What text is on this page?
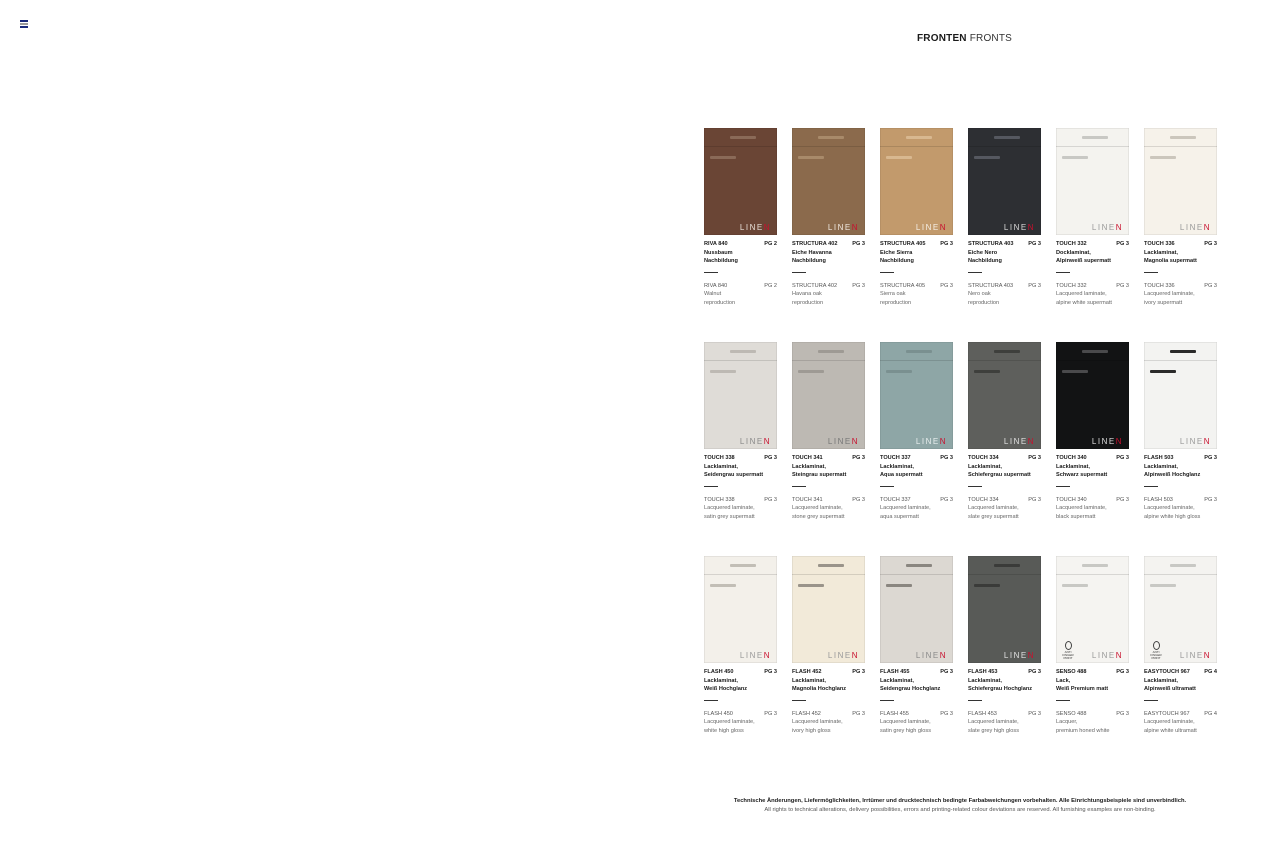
FRONTEN FRONTS
LINEN
RIVA 840	PG 2
Nussbaum
Nachbildung
RIVA 840	PG 2
Walnut
reproduction
LINEN
STRUCTURA 402	PG 3
Eiche Havanna
Nachbildung
STRUCTURA 402	PG 3
Havana oak
reproduction
LINEN
STRUCTURA 405	PG 3
Eiche Sierra
Nachbildung
STRUCTURA 405	PG 3
Sierra oak
reproduction
LINEN
STRUCTURA 403	PG 3
Eiche Nero
Nachbildung
STRUCTURA 403	PG 3
Nero oak
reproduction
LINEN
TOUCH 332	PG 3
Docklaminat,
Alpinweiß supermatt
TOUCH 332	PG 3
Lacquered laminate,
alpine white supermatt
LINEN
TOUCH 336	PG 3
Lacklaminat,
Magnolia supermatt
TOUCH 336	PG 3
Lacquered laminate,
ivory supermatt
LINEN
TOUCH 338	PG 3
Lacklaminat,
Seidengrau supermatt
TOUCH 338	PG 3
Lacquered laminate,
satin grey supermatt
LINEN
TOUCH 341	PG 3
Lacklaminat,
Steingrau supermatt
TOUCH 341	PG 3
Lacquered laminate,
stone grey supermatt
LINEN
TOUCH 337	PG 3
Lacklaminat,
Aqua supermatt
TOUCH 337	PG 3
Lacquered laminate,
aqua supermatt
LINEN
TOUCH 334	PG 3
Lacklaminat,
Schiefergrau supermatt
TOUCH 334	PG 3
Lacquered laminate,
slate grey supermatt
LINEN
TOUCH 340	PG 3
Lacklaminat,
Schwarz supermatt
TOUCH 340	PG 3
Lacquered laminate,
black supermatt
LINEN
FLASH 503	PG 3
Lacklaminat,
Alpinweiß Hochglanz
FLASH 503	PG 3
Lacquered laminate,
alpine white high gloss
LINEN
FLASH 450	PG 3
Lacklaminat,
Weiß Hochglanz
FLASH 450	PG 3
Lacquered laminate,
white high gloss
LINEN
FLASH 452	PG 3
Lacklaminat,
Magnolia Hochglanz
FLASH 452	PG 3
Lacquered laminate,
ivory high gloss
LINEN
FLASH 455	PG 3
Lacklaminat,
Seidengrau Hochglanz
FLASH 455	PG 3
Lacquered laminate,
satin grey high gloss
LINEN
FLASH 453	PG 3
Lacklaminat,
Schiefergrau Hochglanz
FLASH 453	PG 3
Lacquered laminate,
slate grey high gloss
ANTI FINGER PRINT	LINEN
SENSO 488	PG 3
Lack,
Weiß Premium matt
SENSO 488	PG 3
Lacquer,
premium honed white
ANTI FINGER PRINT	LINEN
EASYTOUCH 967	PG 4
Lacklaminat,
Alpinweiß ultramatt
EASYTOUCH 967	PG 4
Lacquered laminate,
alpine white ultramatt
Technische Änderungen, Liefermöglichkeiten, Irrtümer und drucktechnisch bedingte Farbabweichungen vorbehalten. Alle Einrichtungsbeispiele sind unverbindlich.
All rights to technical alterations, delivery possibilities, errors and printing-related colour deviations are reserved. All furnishing examples are non-binding.
